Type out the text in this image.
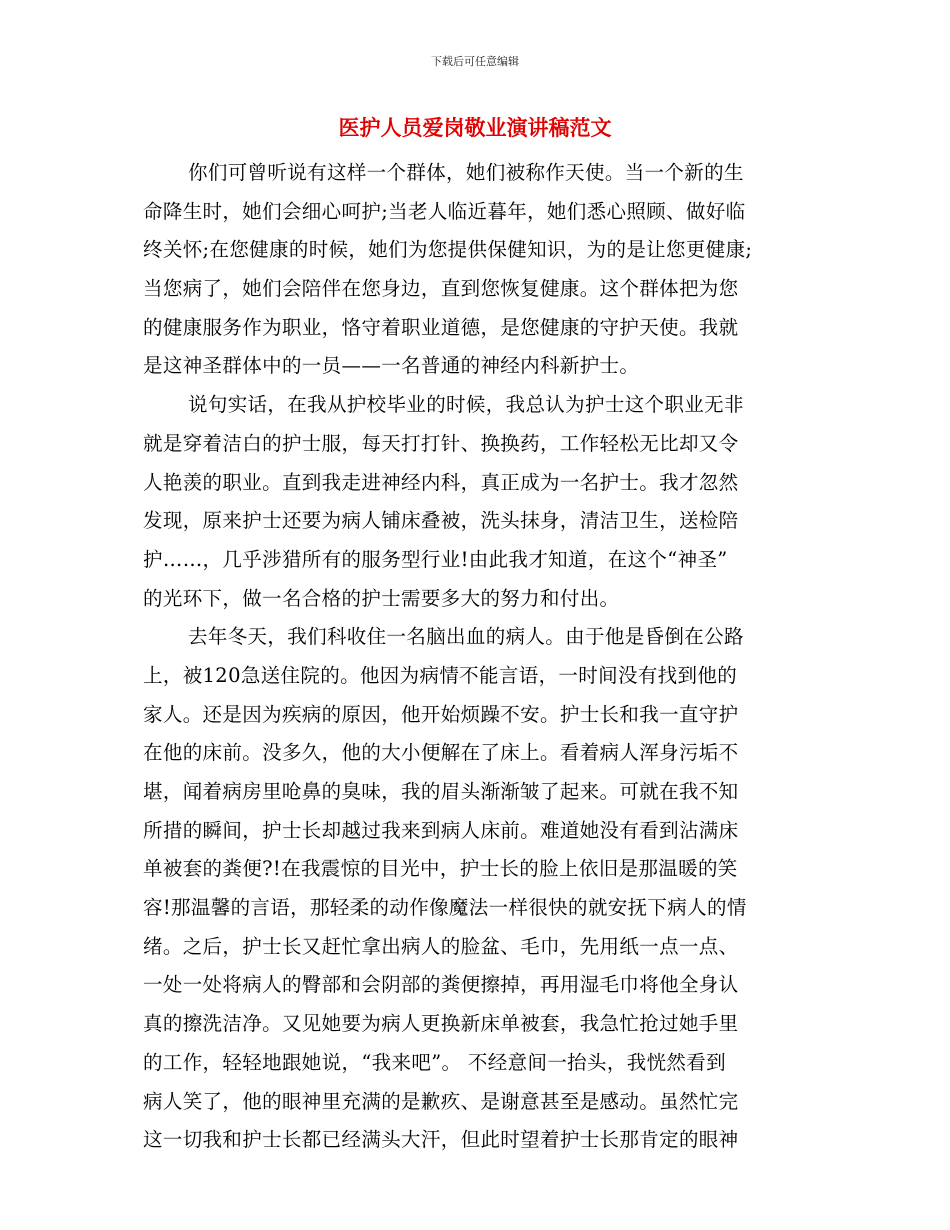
下载后可任意编辑
医护人员爱岗敬业演讲稿范文

你们可曾听说有这样一个群体，她们被称作天使。当一个新的生
命降生时，她们会细心呵护;当老人临近暮年，她们悉心照顾、做好临
终关怀;在您健康的时候，她们为您提供保健知识，为的是让您更健康;
当您病了，她们会陪伴在您身边，直到您恢复健康。这个群体把为您
的健康服务作为职业，恪守着职业道德，是您健康的守护天使。我就
是这神圣群体中的一员——一名普通的神经内科新护士。

说句实话，在我从护校毕业的时候，我总认为护士这个职业无非
就是穿着洁白的护士服，每天打打针、换换药，工作轻松无比却又令
人艳羡的职业。直到我走进神经内科，真正成为一名护士。我才忽然
发现，原来护士还要为病人铺床叠被，洗头抹身，清洁卫生，送检陪
护……，几乎涉猎所有的服务型行业!由此我才知道，在这个“神圣”
的光环下，做一名合格的护士需要多大的努力和付出。

去年冬天，我们科收住一名脑出血的病人。由于他是昏倒在公路
上，被120急送住院的。他因为病情不能言语，一时间没有找到他的
家人。还是因为疾病的原因，他开始烦躁不安。护士长和我一直守护
在他的床前。没多久，他的大小便解在了床上。看着病人浑身污垢不
堪，闻着病房里呛鼻的臭味，我的眉头渐渐皱了起来。可就在我不知
所措的瞬间，护士长却越过我来到病人床前。难道她没有看到沾满床
单被套的粪便?!在我震惊的目光中，护士长的脸上依旧是那温暖的笑
容!那温馨的言语，那轻柔的动作像魔法一样很快的就安抚下病人的情
绪。之后，护士长又赶忙拿出病人的脸盆、毛巾，先用纸一点一点、
一处一处将病人的臀部和会阴部的粪便擦掉，再用湿毛巾将他全身认
真的擦洗洁净。又见她要为病人更换新床单被套，我急忙抢过她手里
的工作，轻轻地跟她说，“我来吧”。 不经意间一抬头，我恍然看到
病人笑了，他的眼神里充满的是歉疚、是谢意甚至是感动。虽然忙完
这一切我和护士长都已经满头大汗，但此时望着护士长那肯定的眼神
